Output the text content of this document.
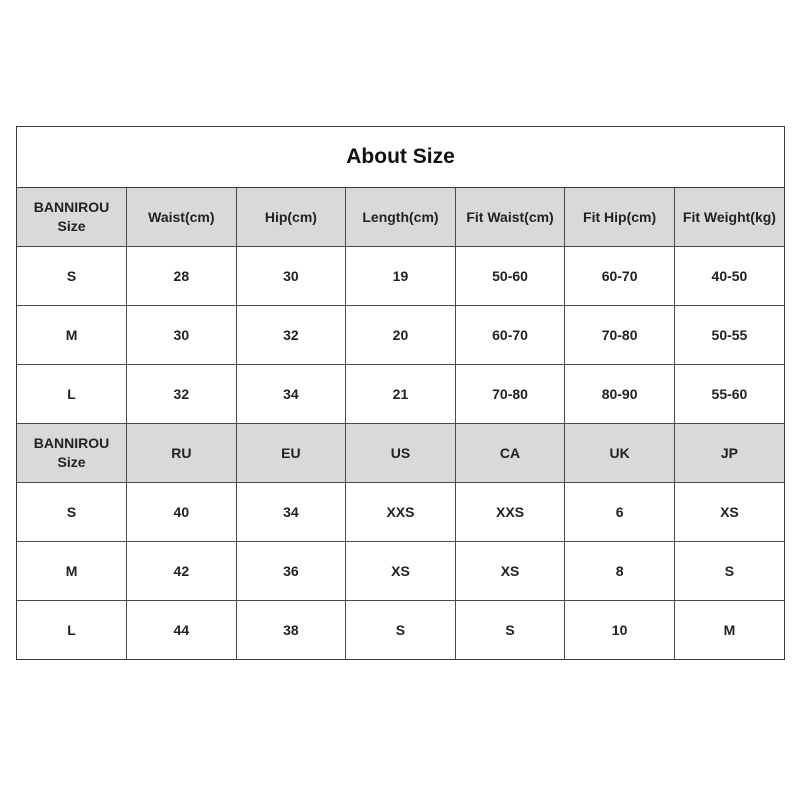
About Size
BANNIROU
Size	Waist(cm)	Hip(cm)	Length(cm)	Fit Waist(cm)	Fit Hip(cm)	Fit Weight(kg)
S	28	30	19	50-60	60-70	40-50
M	30	32	20	60-70	70-80	50-55
L	32	34	21	70-80	80-90	55-60

BANNIROU
Size	RU	EU	US	CA	UK	JP
S	40	34	XXS	XXS	6	XS
M	42	36	XS	XS	8	S
L	44	38	S	S	10	M
